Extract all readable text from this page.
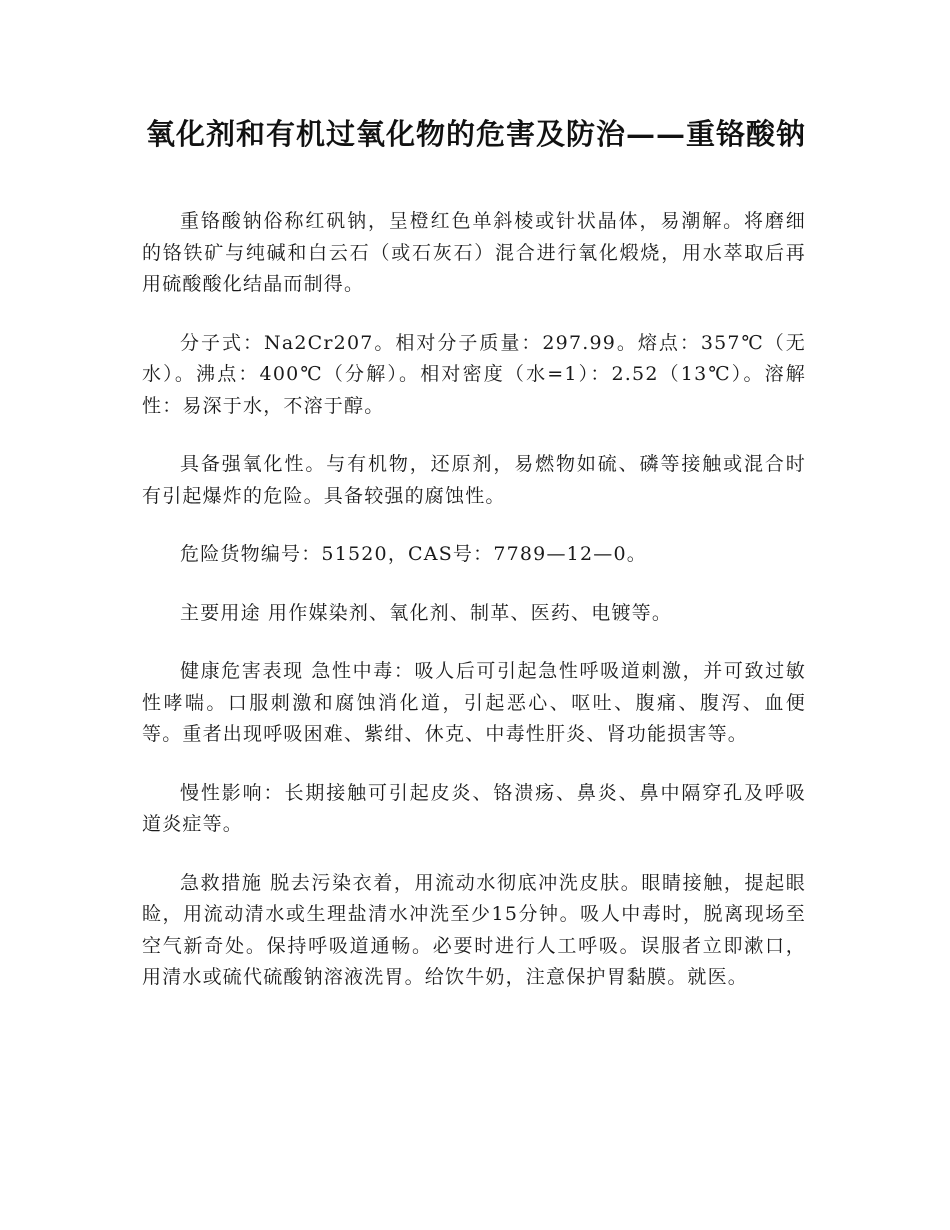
氧化剂和有机过氧化物的危害及防治——重铬酸钠

重铬酸钠俗称红矾钠，呈橙红色单斜棱或针状晶体，易潮解。将磨细的铬铁矿与纯碱和白云石（或石灰石）混合进行氧化煅烧，用水萃取后再用硫酸酸化结晶而制得。

分子式：Na2Cr207。相对分子质量：297.99。熔点：357℃（无水）。沸点：400℃（分解）。相对密度（水=1）：2.52（13℃）。溶解性：易深于水，不溶于醇。

具备强氧化性。与有机物，还原剂，易燃物如硫、磷等接触或混合时有引起爆炸的危险。具备较强的腐蚀性。

危险货物编号：51520，CAS号：7789—12—0。

主要用途 用作媒染剂、氧化剂、制革、医药、电镀等。

健康危害表现 急性中毒：吸人后可引起急性呼吸道刺激，并可致过敏性哮喘。口服刺激和腐蚀消化道，引起恶心、呕吐、腹痛、腹泻、血便等。重者出现呼吸困难、紫绀、休克、中毒性肝炎、肾功能损害等。

慢性影响：长期接触可引起皮炎、铬溃疡、鼻炎、鼻中隔穿孔及呼吸道炎症等。

急救措施 脱去污染衣着，用流动水彻底冲洗皮肤。眼睛接触，提起眼睑，用流动清水或生理盐清水冲洗至少15分钟。吸人中毒时，脱离现场至空气新奇处。保持呼吸道通畅。必要时进行人工呼吸。误服者立即漱口，用清水或硫代硫酸钠溶液洗胃。给饮牛奶，注意保护胃黏膜。就医。
